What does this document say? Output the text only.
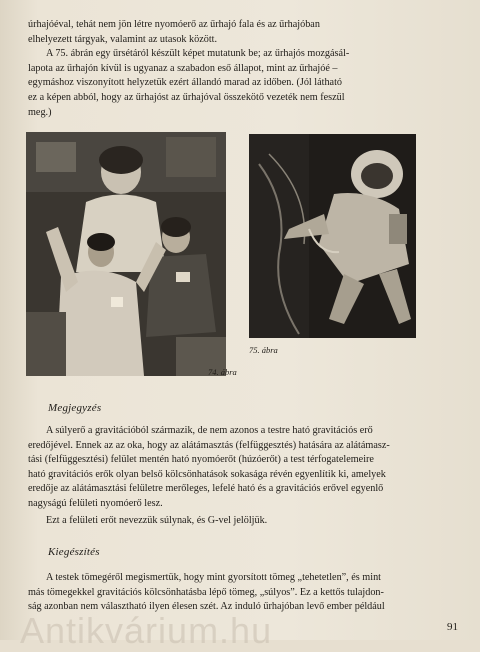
úrhajóéval, tehát nem jön létre nyomóerő az űrhajó fala és az űrhajóban
elhelyezett tárgyak, valamint az utasok között.
A 75. ábrán egy űrsétáról készült képet mutatunk be; az űrhajós mozgásál-
lapota az űrhajón kívül is ugyanaz a szabadon eső állapot, mint az űrhajóé –
egymáshoz viszonyított helyzetük ezért állandó marad az időben. (Jól látható
ez a képen abból, hogy az űrhajóst az űrhajóval összekötő vezeték nem feszül
meg.)
74. ábra
75. ábra
Megjegyzés
A súlyerő a gravitációból származik, de nem azonos a testre ható gravitációs erő
eredőjével. Ennek az az oka, hogy az alátámasztás (felfüggesztés) hatására az alátámasz-
tási (felfüggesztési) felület mentén ható nyomóerőt (húzóerőt) a test térfogatelemeire
ható gravitációs erők olyan belső kölcsönhatások sokasága révén egyenlítik ki, amelyek
eredője az alátámasztási felületre merőleges, lefelé ható és a gravitációs erővel egyenlő
nagyságú felületi nyomóerő lesz.
Ezt a felületi erőt nevezzük súlynak, és G-vel jelöljük.
Kiegészítés
A testek tömegéről megismertük, hogy mint gyorsított tömeg „tehetetlen”, és mint
más tömegekkel gravitációs kölcsönhatásba lépő tömeg, „súlyos”. Ez a kettős tulajdon-
ság azonban nem választható ilyen élesen szét. Az induló űrhajóban levő ember például
Antikvárium.hu	91
